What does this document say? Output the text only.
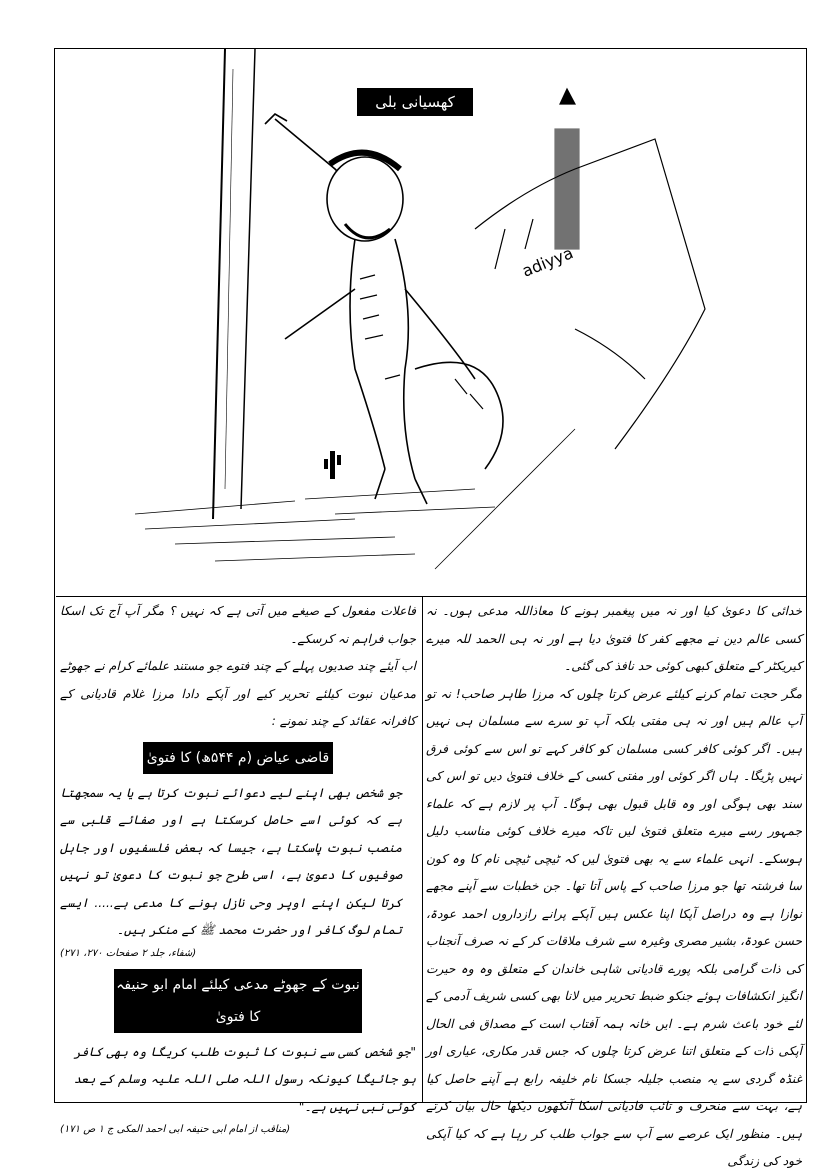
adiyya
کھسیانی بلی کھمبا نوچے

خدائی کا دعویٰ کیا اور نہ میں پیغمبر ہونے کا معاذاللہ مدعی ہوں۔ نہ کسی عالم دین نے مجھے کفر کا فتویٰ دیا ہے اور نہ ہی الحمد للہ میرے کیریکٹر کے متعلق کبھی کوئی حد نافذ کی گئی۔

مگر حجت تمام کرنے کیلئے عرض کرتا چلوں کہ مرزا طاہر صاحب! نہ تو آپ عالم ہیں اور نہ ہی مفتی بلکہ آپ تو سرے سے مسلمان ہی نہیں ہیں۔ اگر کوئی کافر کسی مسلمان کو کافر کہے تو اس سے کوئی فرق نہیں پڑیگا۔ ہاں اگر کوئی اور مفتی کسی کے خلاف فتویٰ دیں تو اس کی سند بھی ہوگی اور وہ قابل قبول بھی ہوگا۔ آپ پر لازم ہے کہ علماء جمہور رسے میرے متعلق فتویٰ لیں تاکہ میرے خلاف کوئی مناسب دلیل ہوسکے۔ انہی علماء سے یہ بھی فتویٰ لیں کہ ٹیچی ٹیچی نام کا وہ کون سا فرشتہ تھا جو مرزا صاحب کے پاس آتا تھا۔ جن خطبات سے آپنے مجھے نوازا ہے وہ دراصل آپکا اپنا عکس ہیں آپکے پرانے رازداروں احمد عودۃ، حسن عودۃ، بشیر مصری وغیرہ سے شرف ملاقات کر کے نہ صرف آنجناب کی ذات گرامی بلکہ پورے قادیانی شاہی خاندان کے متعلق وہ وہ حیرت انگیز انکشافات ہوئے جنکو ضبط تحریر میں لانا بھی کسی شریف آدمی کے لئے خود باعث شرم ہے۔ ایں خانہ ہمہ آفتاب است کے مصداق فی الحال آپکی ذات کے متعلق اتنا عرض کرتا چلوں کہ جس قدر مکاری، عیاری اور غنڈہ گردی سے یہ منصب جلیلہ جسکا نام خلیفہ رابع ہے آپنے حاصل کیا ہے، بہت سے منحرف و تائب قادیانی اسکا آنکھوں دیکھا حال بیان کرتے ہیں۔ منظور ایک عرصے سے آپ سے جواب طلب کر رہا ہے کہ کیا آپکی خود کی زندگی

فاعلات مفعول کے صیغے میں آتی ہے کہ نہیں ؟ مگر آپ آج تک اسکا جواب فراہم نہ کرسکے۔

اب آیئے چند صدیوں پہلے کے چند فتوے جو مستند علمائے کرام نے جھوٹے مدعیان نبوت کیلئے تحریر کیے اور آپکے دادا مرزا غلام قادیانی کے کافرانہ عقائد کے چند نمونے :

قاضی عیاض (م ۵۴۴ھ) کا فتویٰ

جو شخص بھی اپنے لیے دعوائے نبوت کرتا ہے یا یہ سمجھتا ہے کہ کوئی اسے حاصل کرسکتا ہے اور صفائے قلبی سے منصب نبوت پاسکتا ہے، جیسا کہ بعض فلسفیوں اور جاہل صوفیوں کا دعویٰ ہے، اسی طرح جو نبوت کا دعویٰ تو نہیں کرتا لیکن اپنے اوپر وحی نازل ہونے کا مدعی ہے..... ایسے تمام لوگ کافر اور حضرت محمد ﷺ کے منکر ہیں۔

(شفاء، جلد ۲ صفحات ۲۷۰، ۲۷۱)

نبوت کے جھوٹے مدعی کیلئے امام ابو حنیفہ کا فتویٰ

"جو شخص کسی سے نبوت کا ثبوت طلب کریگا وہ بھی کافر ہو جائیگا کیونکہ رسول اللہ صلی اللہ علیہ وسلم کے بعد کوئی نبی نہیں ہے۔"

(مناقب از امام ابی حنیفہ ابی احمد المکی ج ۱ ص ۱۷۱)
